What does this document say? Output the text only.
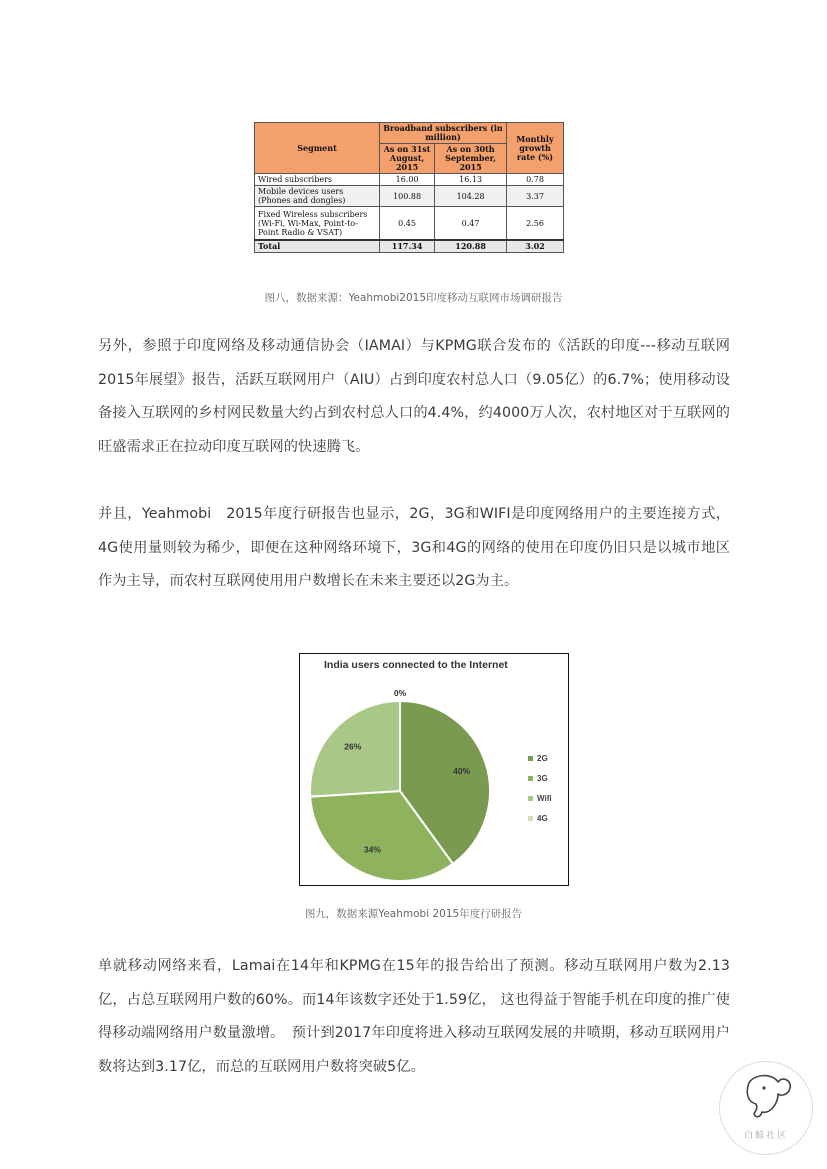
Segment	Broadband subscribers (in million)		Monthly growth rate (%)
	As on 31st August, 2015	As on 30th September, 2015	
Wired subscribers	16.00	16.13	0.78
Mobile devices users (Phones and dongles)	100.88	104.28	3.37
Fixed Wireless subscribers (Wi-Fi, Wi-Max, Point-to-Point Radio & VSAT)	0.45	0.47	2.56
Total	117.34	120.88	3.02
图八，数据来源：Yeahmobi2015印度移动互联网市场调研报告
另外，参照于印度网络及移动通信协会（IAMAI）与KPMG联合发布的《活跃的印度---移动互联网2015年展望》报告，活跃互联网用户（AIU）占到印度农村总人口（9.05亿）的6.7%；使用移动设备接入互联网的乡村网民数量大约占到农村总人口的4.4%，约4000万人次，农村地区对于互联网的旺盛需求正在拉动印度互联网的快速腾飞。
并且，Yeahmobi　2015年度行研报告也显示，2G，3G和WIFI是印度网络用户的主要连接方式，4G使用量则较为稀少，即便在这种网络环境下，3G和4G的网络的使用在印度仍旧只是以城市地区作为主导，而农村互联网使用用户数增长在未来主要还以2G为主。
India users connected to the Internet
40%
34%
26%
0%
2G
3G
Wifi
4G
图九，数据来源Yeahmobi 2015年度行研报告
单就移动网络来看，Lamai在14年和KPMG在15年的报告给出了预测。移动互联网用户数为2.13亿，占总互联网用户数的60%。而14年该数字还处于1.59亿， 这也得益于智能手机在印度的推广使得移动端网络用户数量激增。　预计到2017年印度将进入移动互联网发展的井喷期，移动互联网用户数将达到3.17亿，而总的互联网用户数将突破5亿。
白鲸社区
